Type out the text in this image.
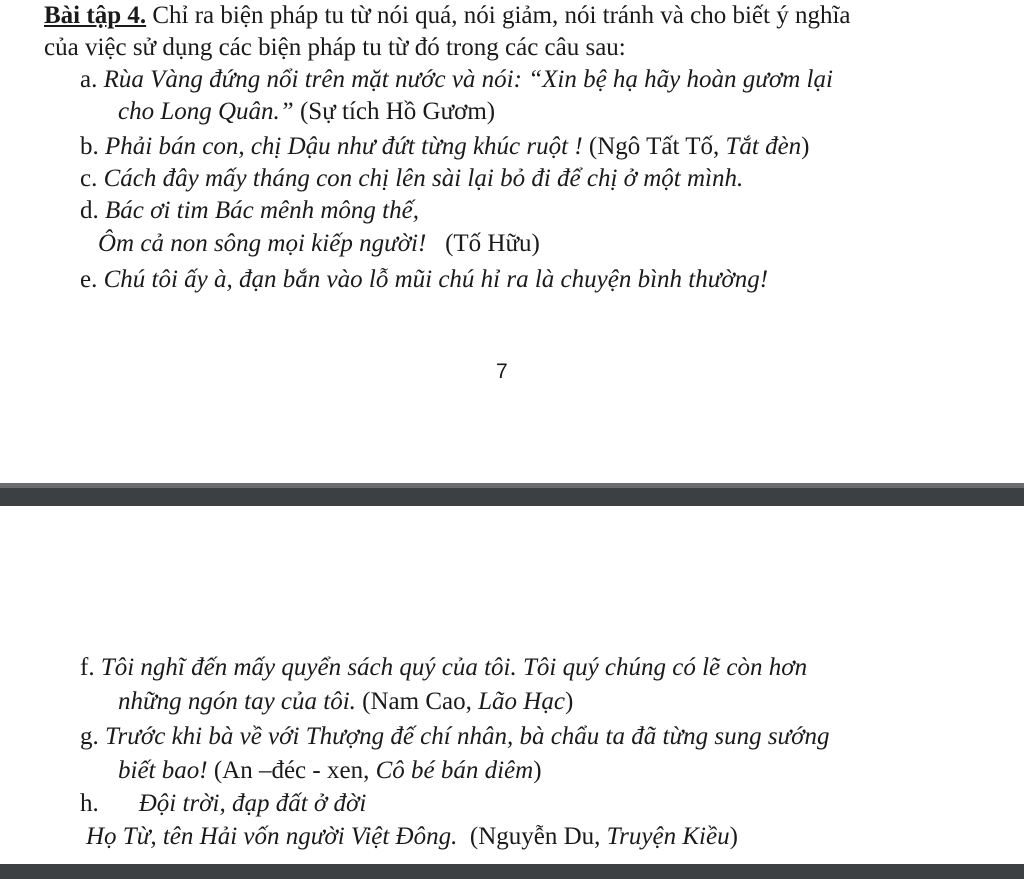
Bài tập 4. Chỉ ra biện pháp tu từ nói quá, nói giảm, nói tránh và cho biết ý nghĩa
của việc sử dụng các biện pháp tu từ đó trong các câu sau:
a. Rùa Vàng đứng nổi trên mặt nước và nói: “Xin bệ hạ hãy hoàn gươm lại
cho Long Quân.” (Sự tích Hồ Gươm)
b. Phải bán con, chị Dậu như đứt từng khúc ruột ! (Ngô Tất Tố, Tắt đèn)
c. Cách đây mấy tháng con chị lên sài lại bỏ đi để chị ở một mình.
d. Bác ơi tim Bác mênh mông thế,
Ôm cả non sông mọi kiếp người!   (Tố Hữu)
e. Chú tôi ấy à, đạn bắn vào lỗ mũi chú hỉ ra là chuyện bình thường!
7
f. Tôi nghĩ đến mấy quyển sách quý của tôi. Tôi quý chúng có lẽ còn hơn
những ngón tay của tôi. (Nam Cao, Lão Hạc)
g. Trước khi bà về với Thượng đế chí nhân, bà chẩu ta đã từng sung sướng
biết bao! (An –đéc - xen, Cô bé bán diêm)
h. Đội trời, đạp đất ở đời
Họ Từ, tên Hải vốn người Việt Đông.  (Nguyễn Du, Truyện Kiều)
